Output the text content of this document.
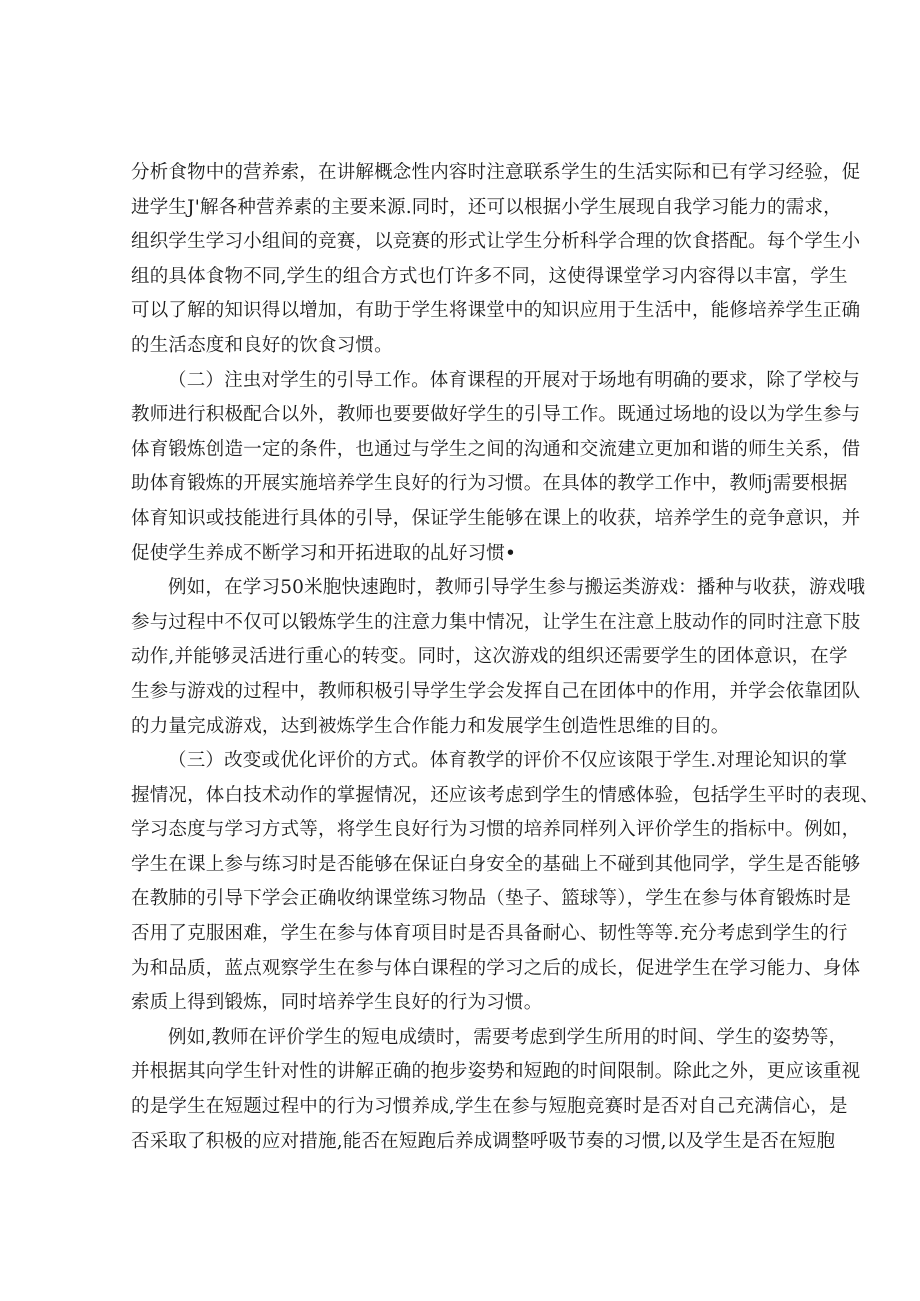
分析食物中的营养索，在讲解概念性内容时注意联系学生的生活实际和已有学习经验，促
进学生J'解各种营养素的主要来源.同时，还可以根据小学生展现自我学习能力的需求，
组织学生学习小组间的竞赛，以竞赛的形式让学生分析科学合理的饮食搭配。每个学生小
组的具体食物不同,学生的组合方式也仃许多不同，这使得课堂学习内容得以丰富，学生
可以了解的知识得以增加，有助于学生将课堂中的知识应用于生活中，能修培养学生正确
的生活态度和良好的饮食习惯。
（二）注虫对学生的引导工作。体育课程的开展对于场地有明确的要求，除了学校与
教师进行积极配合以外，教师也要要做好学生的引导工作。既通过场地的设以为学生参与
体育锻炼创造一定的条件，也通过与学生之间的沟通和交流建立更加和谐的师生关系，借
助体育锻炼的开展实施培养学生良好的行为习惯。在具体的教学工作中，教师j需要根据
体育知识或技能进行具体的引导，保证学生能够在课上的收获，培养学生的竞争意识，并
促使学生养成不断学习和开拓进取的乩好习惯•
例如，在学习50米胞快速跑时，教师引导学生参与搬运类游戏：播种与收获，游戏哦
参与过程中不仅可以锻炼学生的注意力集中情况，让学生在注意上肢动作的同时注意下肢
动作,并能够灵活进行重心的转变。同时，这次游戏的组织还需要学生的团体意识，在学
生参与游戏的过程中，教师积极引导学生学会发挥自己在团体中的作用，并学会依靠团队
的力量完成游戏，达到被炼学生合作能力和发展学生创造性思维的目的。
（三）改变或优化评价的方式。体育教学的评价不仅应该限于学生.对理论知识的掌
握情况，体白技术动作的掌握情况，还应该考虑到学生的情感体验，包括学生平时的表现、
学习态度与学习方式等，将学生良好行为习惯的培养同样列入评价学生的指标中。例如，
学生在课上参与练习时是否能够在保证白身安全的基础上不碰到其他同学，学生是否能够
在教肺的引导下学会正确收纳课堂练习物品（垫子、篮球等），学生在参与体育锻炼时是
否用了克服困难，学生在参与体育项目时是否具备耐心、韧性等等.充分考虑到学生的行
为和品质，蓝点观察学生在参与体白课程的学习之后的成长，促进学生在学习能力、身体
索质上得到锻炼，同时培养学生良好的行为习惯。
例如,教师在评价学生的短电成绩时，需要考虑到学生所用的时间、学生的姿势等，
并根据其向学生针对性的讲解正确的抱步姿势和短跑的时间限制。除此之外，更应该重视
的是学生在短题过程中的行为习惯养成,学生在参与短胞竞赛时是否对自己充满信心，是
否采取了积极的应对措施,能否在短跑后养成调整呼吸节奏的习惯,以及学生是否在短胞
